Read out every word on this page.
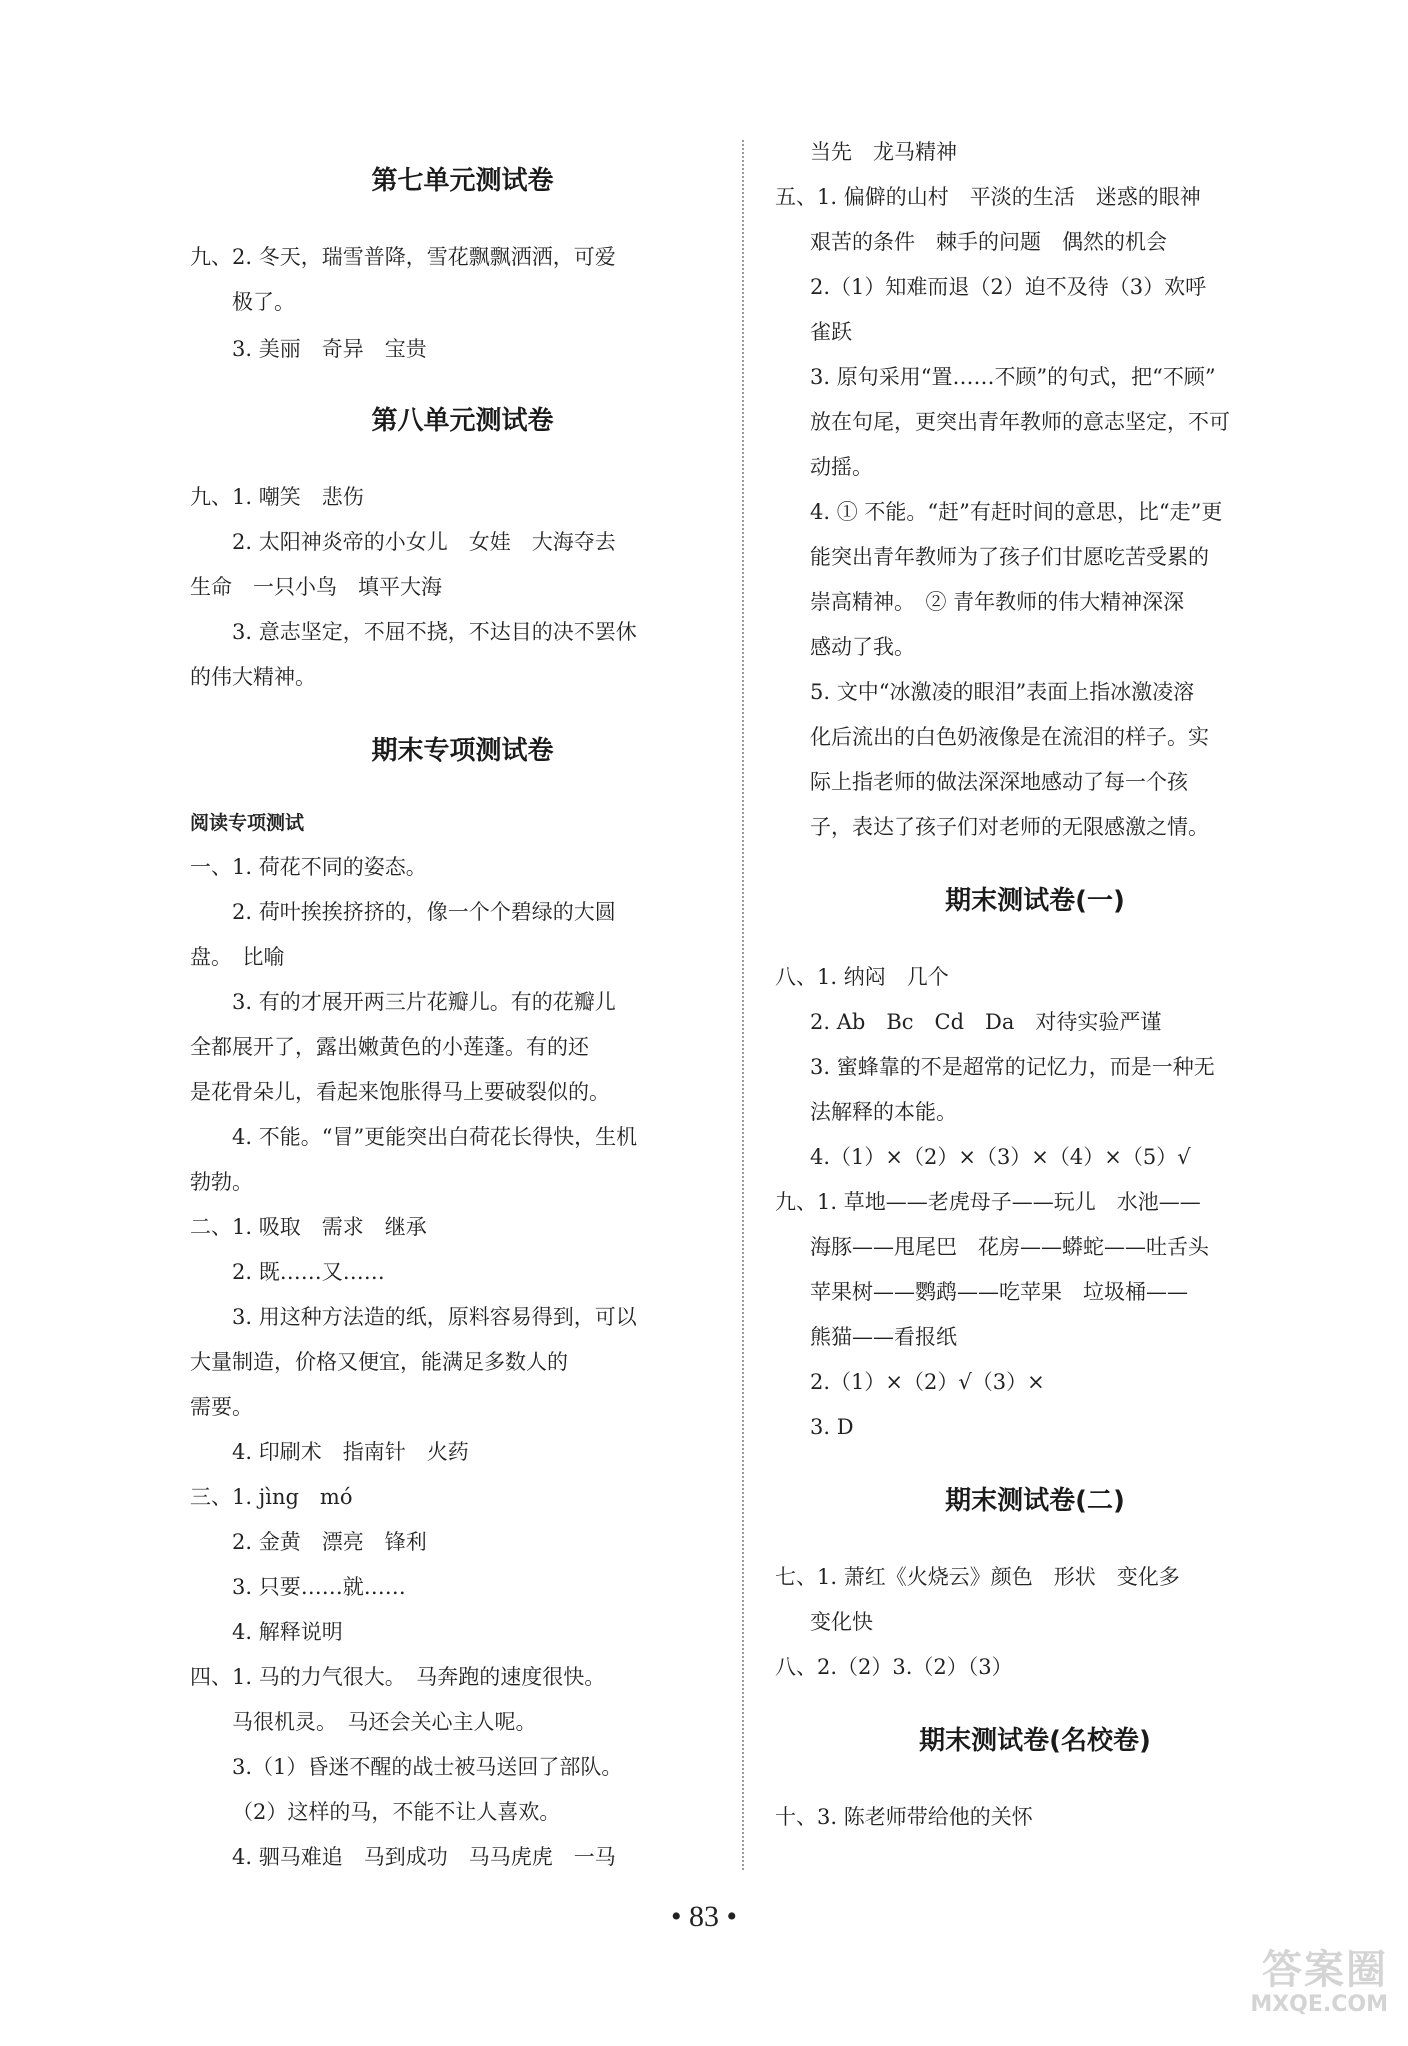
第七单元测试卷
九、2. 冬天，瑞雪普降，雪花飘飘洒洒，可爱
极了。
3. 美丽　奇异　宝贵
第八单元测试卷
九、1. 嘲笑　悲伤
2. 太阳神炎帝的小女儿　女娃　大海夺去
生命　一只小鸟　填平大海
3. 意志坚定，不屈不挠，不达目的决不罢休
的伟大精神。
期末专项测试卷
阅读专项测试
一、1. 荷花不同的姿态。
2. 荷叶挨挨挤挤的，像一个个碧绿的大圆
盘。　比喻
3. 有的才展开两三片花瓣儿。有的花瓣儿
全都展开了，露出嫩黄色的小莲蓬。有的还
是花骨朵儿，看起来饱胀得马上要破裂似的。
4. 不能。“冒”更能突出白荷花长得快，生机
勃勃。
二、1. 吸取　需求　继承
2. 既……又……
3. 用这种方法造的纸，原料容易得到，可以
大量制造，价格又便宜，能满足多数人的
需要。
4. 印刷术　指南针　火药
三、1. jìng　mó
2. 金黄　漂亮　锋利
3. 只要……就……
4. 解释说明
四、1. 马的力气很大。　马奔跑的速度很快。
马很机灵。　马还会关心主人呢。
3.（1）昏迷不醒的战士被马送回了部队。
（2）这样的马，不能不让人喜欢。
4. 驷马难追　马到成功　马马虎虎　一马
当先　龙马精神
五、1. 偏僻的山村　平淡的生活　迷惑的眼神
艰苦的条件　棘手的问题　偶然的机会
2.（1）知难而退（2）迫不及待（3）欢呼
雀跃
3. 原句采用“置……不顾”的句式，把“不顾”
放在句尾，更突出青年教师的意志坚定，不可
动摇。
4. ① 不能。“赶”有赶时间的意思，比“走”更
能突出青年教师为了孩子们甘愿吃苦受累的
崇高精神。　② 青年教师的伟大精神深深
感动了我。
5. 文中“冰激凌的眼泪”表面上指冰激凌溶
化后流出的白色奶液像是在流泪的样子。实
际上指老师的做法深深地感动了每一个孩
子，表达了孩子们对老师的无限感激之情。
期末测试卷(一)
八、1. 纳闷　几个
2. Ab　Bc　Cd　Da　对待实验严谨
3. 蜜蜂靠的不是超常的记忆力，而是一种无
法解释的本能。
4.（1）×（2）×（3）×（4）×（5）√
九、1. 草地——老虎母子——玩儿　水池——
海豚——甩尾巴　花房——蟒蛇——吐舌头
苹果树——鹦鹉——吃苹果　垃圾桶——
熊猫——看报纸
2.（1）×（2）√（3）×
3. D
期末测试卷(二)
七、1. 萧红《火烧云》颜色　形状　变化多
变化快
八、2.（2）3.（2）（3）
期末测试卷(名校卷)
十、3. 陈老师带给他的关怀
• 83 •
答案圈
MXQE.COM
